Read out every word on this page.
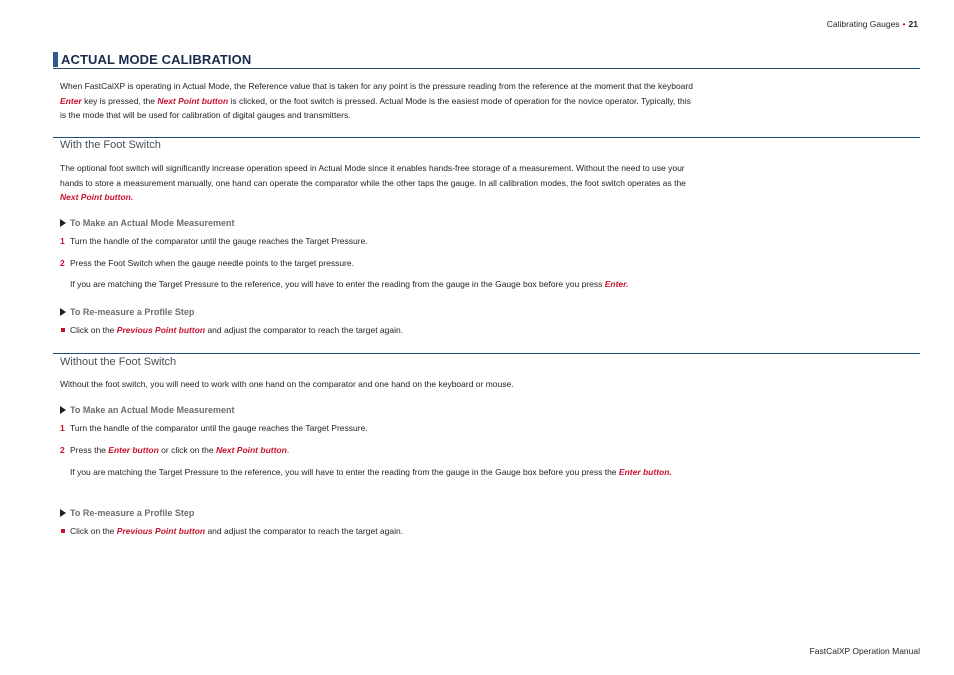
Calibrating Gauges • 21
ACTUAL MODE CALIBRATION
When FastCalXP is operating in Actual Mode, the Reference value that is taken for any point is the pressure reading from the reference at the moment that the keyboard Enter key is pressed, the Next Point button is clicked, or the foot switch is pressed. Actual Mode is the easiest mode of operation for the novice operator. Typically, this is the mode that will be used for calibration of digital gauges and transmitters.
With the Foot Switch
The optional foot switch will significantly increase operation speed in Actual Mode since it enables hands-free storage of a measurement. Without the need to use your hands to store a measurement manually, one hand can operate the comparator while the other taps the gauge. In all calibration modes, the foot switch operates as the Next Point button.
To Make an Actual Mode Measurement
1 Turn the handle of the comparator until the gauge reaches the Target Pressure.
2 Press the Foot Switch when the gauge needle points to the target pressure.
If you are matching the Target Pressure to the reference, you will have to enter the reading from the gauge in the Gauge box before you press Enter.
To Re-measure a Profile Step
Click on the Previous Point button and adjust the comparator to reach the target again.
Without the Foot Switch
Without the foot switch, you will need to work with one hand on the comparator and one hand on the keyboard or mouse.
To Make an Actual Mode Measurement
1 Turn the handle of the comparator until the gauge reaches the Target Pressure.
2 Press the Enter button or click on the Next Point button.
If you are matching the Target Pressure to the reference, you will have to enter the reading from the gauge in the Gauge box before you press the Enter button.
To Re-measure a Profile Step
Click on the Previous Point button and adjust the comparator to reach the target again.
FastCalXP Operation Manual
